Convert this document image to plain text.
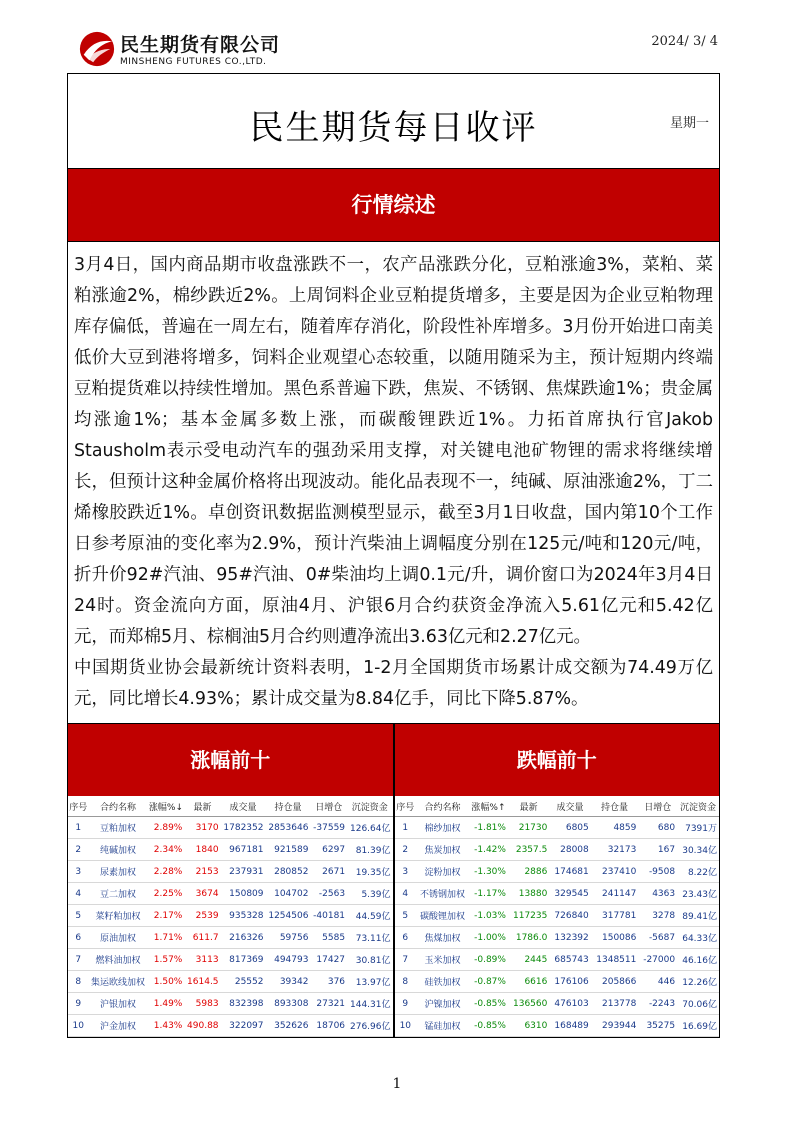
民生期货有限公司
MINSHENG FUTURES CO.,LTD.
2024/ 3/ 4
民生期货每日收评	星期一
行情综述

3月4日，国内商品期市收盘涨跌不一，农产品涨跌分化，豆粕涨逾3%，菜粕、菜粕涨逾2%，棉纱跌近2%。上周饲料企业豆粕提货增多，主要是因为企业豆粕物理库存偏低，普遍在一周左右，随着库存消化，阶段性补库增多。3月份开始进口南美低价大豆到港将增多，饲料企业观望心态较重，以随用随采为主，预计短期内终端豆粕提货难以持续性增加。黑色系普遍下跌，焦炭、不锈钢、焦煤跌逾1%；贵金属均涨逾1%；基本金属多数上涨，而碳酸锂跌近1%。力拓首席执行官Jakob Stausholm表示受电动汽车的强劲采用支撑，对关键电池矿物锂的需求将继续增长，但预计这种金属价格将出现波动。能化品表现不一，纯碱、原油涨逾2%，丁二烯橡胶跌近1%。卓创资讯数据监测模型显示，截至3月1日收盘，国内第10个工作日参考原油的变化率为2.9%，预计汽柴油上调幅度分别在125元/吨和120元/吨，折升价92#汽油、95#汽油、0#柴油均上调0.1元/升，调价窗口为2024年3月4日24时。资金流向方面，原油4月、沪银6月合约获资金净流入5.61亿元和5.42亿元，而郑棉5月、棕榈油5月合约则遭净流出3.63亿元和2.27亿元。

中国期货业协会最新统计资料表明，1-2月全国期货市场累计成交额为74.49万亿元，同比增长4.93%；累计成交量为8.84亿手，同比下降5.87%。

涨幅前十
序号	合约名称	涨幅%↓	最新	成交量	持仓量	日增仓	沉淀资金
1	豆粕加权	2.89%	3170	1782352	2853646	-37559	126.64亿
2	纯碱加权	2.34%	1840	967181	921589	6297	81.39亿
3	尿素加权	2.28%	2153	237931	280852	2671	19.35亿
4	豆二加权	2.25%	3674	150809	104702	-2563	5.39亿
5	菜籽粕加权	2.17%	2539	935328	1254506	-40181	44.59亿
6	原油加权	1.71%	611.7	216326	59756	5585	73.11亿
7	燃料油加权	1.57%	3113	817369	494793	17427	30.81亿
8	集运欧线加权	1.50%	1614.5	25552	39342	376	13.97亿
9	沪银加权	1.49%	5983	832398	893308	27321	144.31亿
10	沪金加权	1.43%	490.88	322097	352626	18706	276.96亿
跌幅前十
序号	合约名称	涨幅%↑	最新	成交量	持仓量	日增仓	沉淀资金
1	棉纱加权	-1.81%	21730	6805	4859	680	7391万
2	焦炭加权	-1.42%	2357.5	28008	32173	167	30.34亿
3	淀粉加权	-1.30%	2886	174681	237410	-9508	8.22亿
4	不锈钢加权	-1.17%	13880	329545	241147	4363	23.43亿
5	碳酸锂加权	-1.03%	117235	726840	317781	3278	89.41亿
6	焦煤加权	-1.00%	1786.0	132392	150086	-5687	64.33亿
7	玉米加权	-0.89%	2445	685743	1348511	-27000	46.16亿
8	硅铁加权	-0.87%	6616	176106	205866	446	12.26亿
9	沪镍加权	-0.85%	136560	476103	213778	-2243	70.06亿
10	锰硅加权	-0.85%	6310	168489	293944	35275	16.69亿
1
